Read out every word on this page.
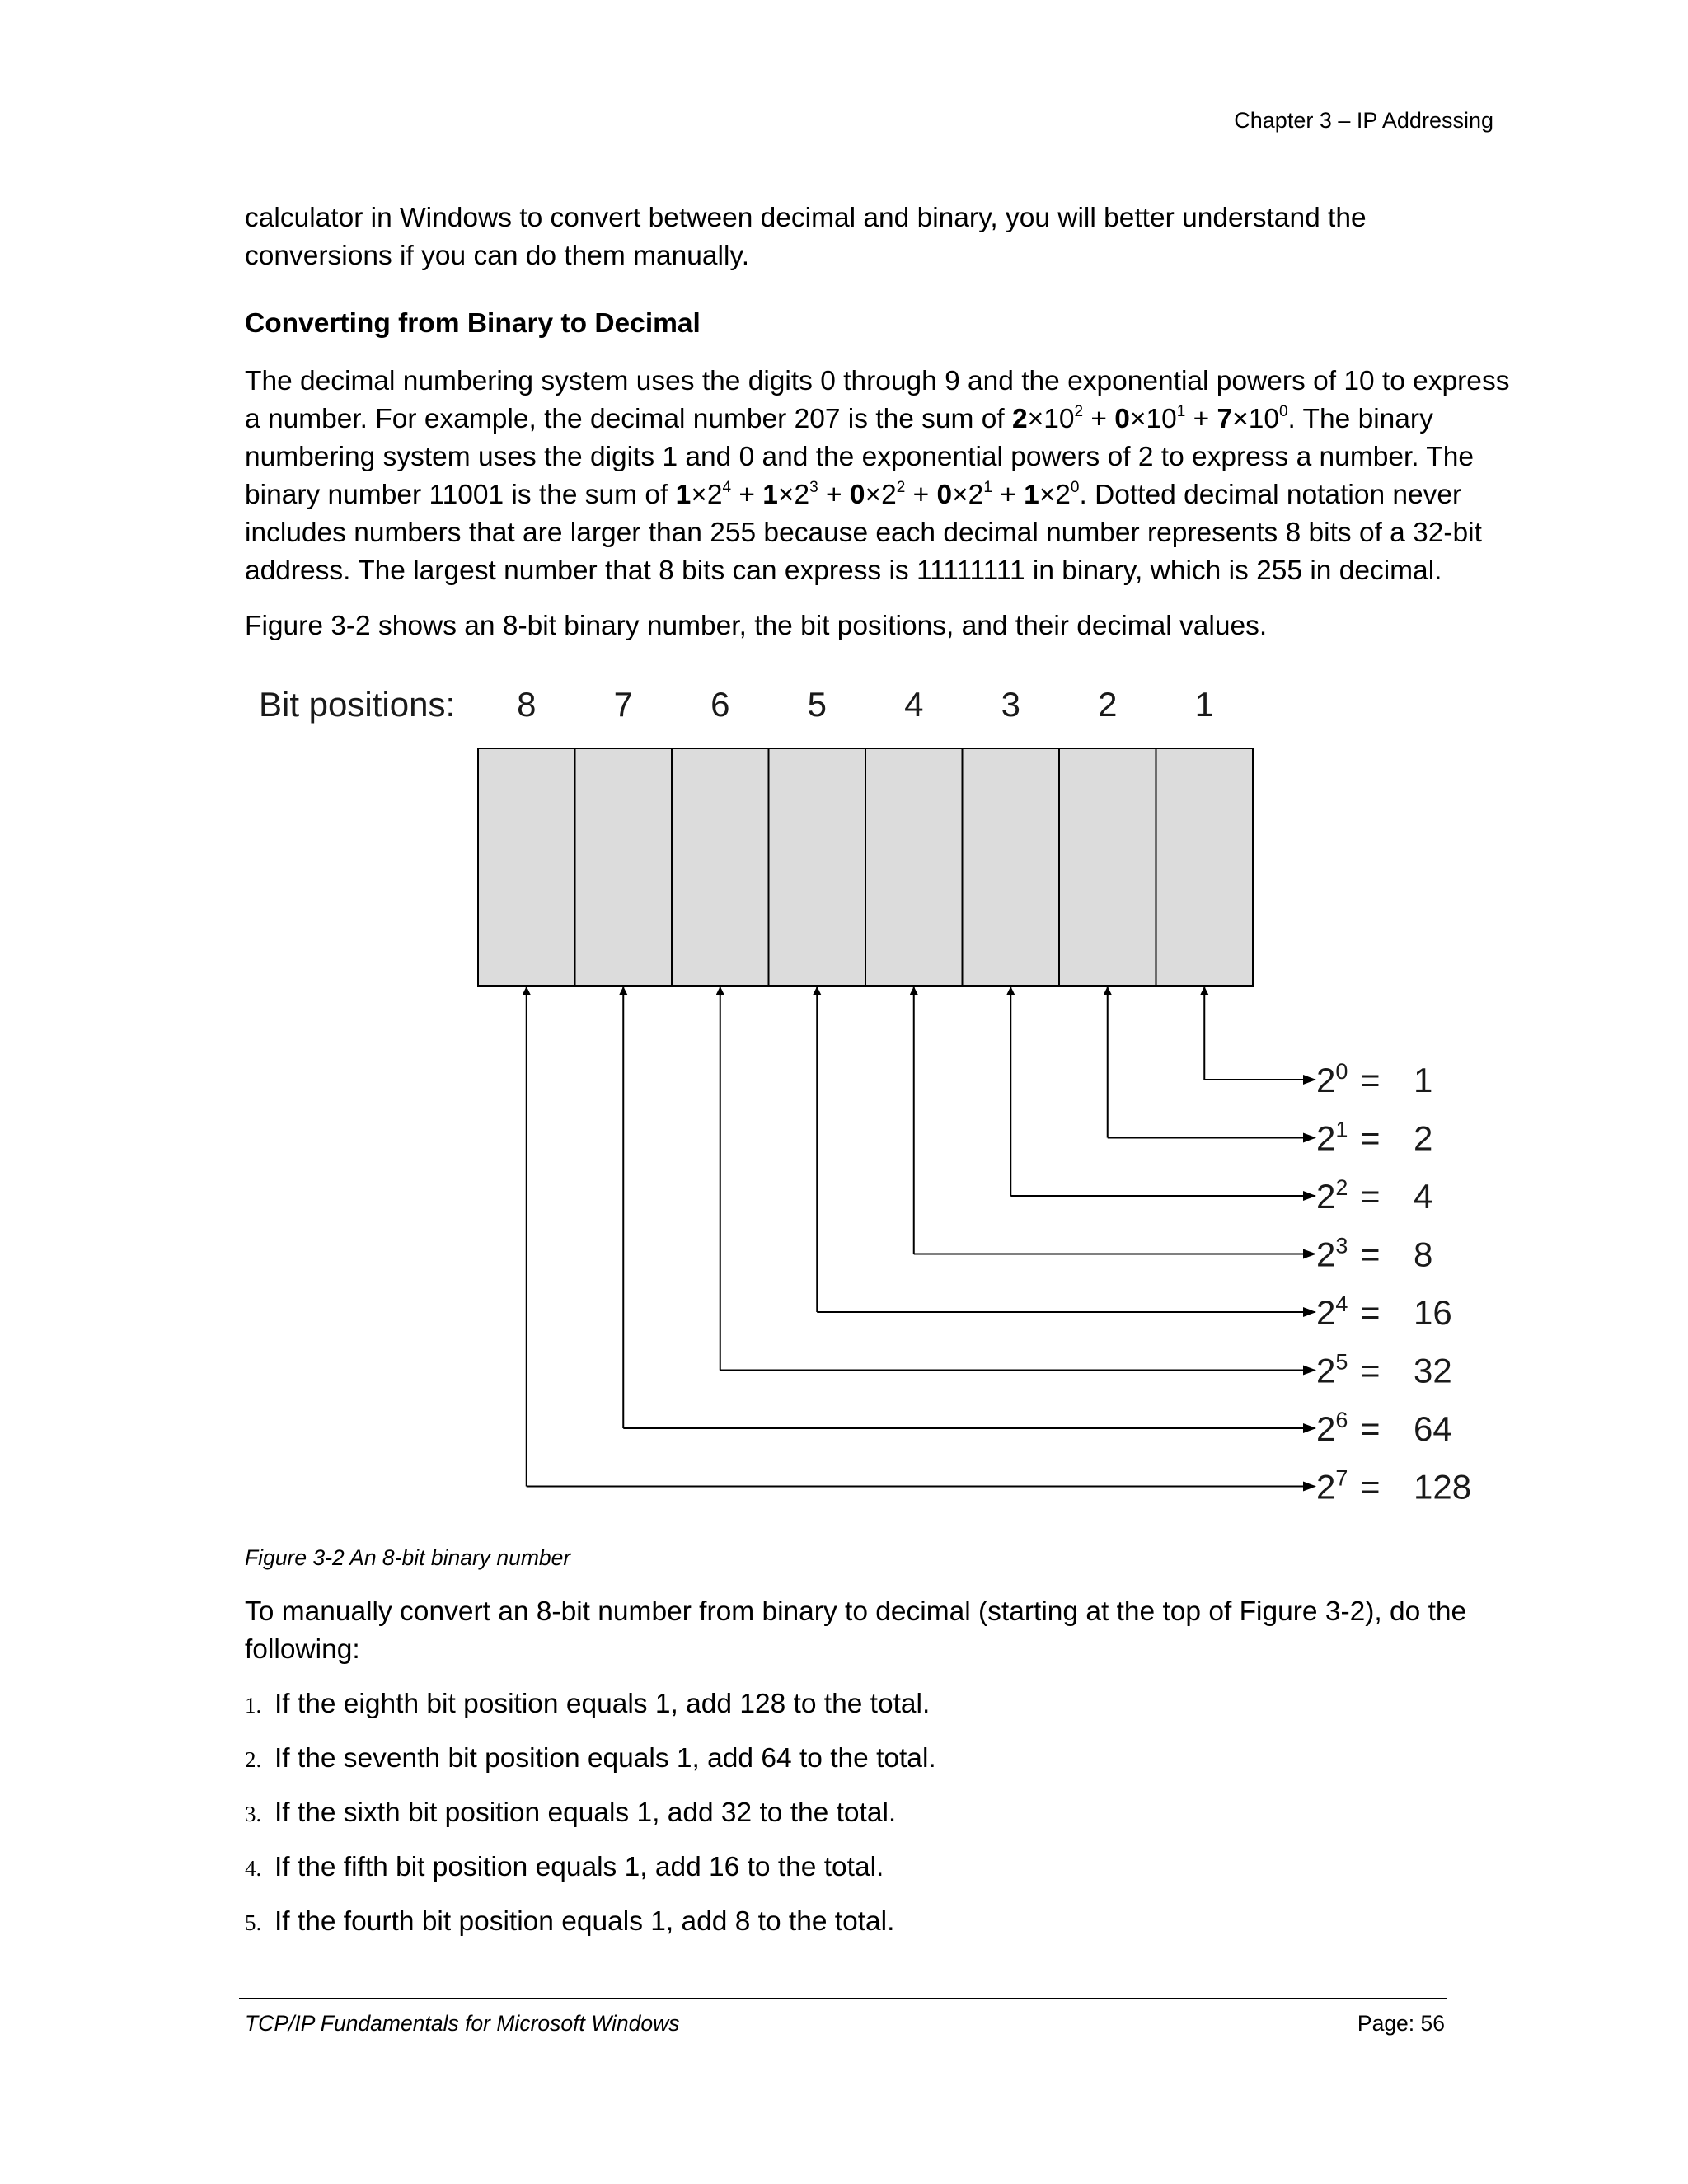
Chapter 3 – IP Addressing

calculator in Windows to convert between decimal and binary, you will better understand the

conversions if you can do them manually.

Converting from Binary to Decimal

The decimal numbering system uses the digits 0 through 9 and the exponential powers of 10 to express

a number. For example, the decimal number 207 is the sum of $2\times 10^2 + 0\times 10^1 + 7\times 10^0$. The binary

numbering system uses the digits 1 and 0 and the exponential powers of 2 to express a number. The

binary number 11001 is the sum of $1\times 2^4 + 1\times 2^3 + 0\times 2^2 + 0\times 2^1 + 1\times 2^0$. Dotted decimal notation never

includes numbers that are larger than 255 because each decimal number represents 8 bits of a 32-bit

address. The largest number that 8 bits can express is 11111111 in binary, which is 255 in decimal.

Figure 3-2 shows an 8-bit binary number, the bit positions, and their decimal values.
Bit positions: 8 7 6 5 4 3 2 1
$2^0 = 1$
$2^1 = 2$
$2^2 = 4$
$2^3 = 8$
$2^4 = 16$
$2^5 = 32$
$2^6 = 64$
$2^7 = 128$
Figure 3-2 An 8-bit binary number

To manually convert an 8-bit number from binary to decimal (starting at the top of Figure 3-2), do the

following:

1. If the eighth bit position equals 1, add 128 to the total.
2. If the seventh bit position equals 1, add 64 to the total.
3. If the sixth bit position equals 1, add 32 to the total.
4. If the fifth bit position equals 1, add 16 to the total.
5. If the fourth bit position equals 1, add 8 to the total.
TCP/IP Fundamentals for Microsoft Windows	Page: 56
